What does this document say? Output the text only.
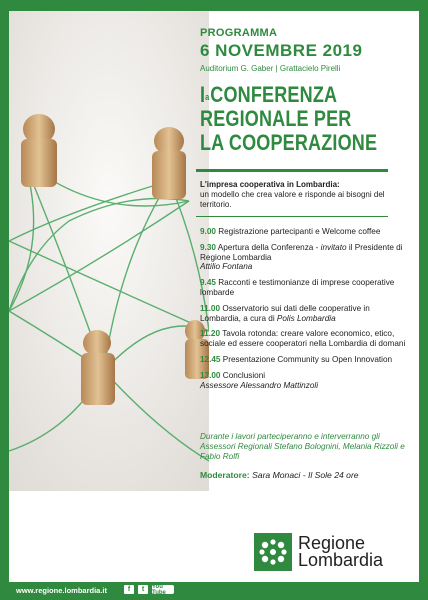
PROGRAMMA
6 NOVEMBRE 2019
Auditorium G. Gaber | Grattacielo Pirelli
$I^aCONFERENZA$
REGIONALE PER
LA COOPERAZIONE
L'impresa cooperativa in Lombardia:
un modello che crea valore e risponde ai bisogni del territorio.
9.00 Registrazione partecipanti e Welcome coffee
9.30 Apertura della Conferenza - invitato il Presidente di Regione Lombardia
Attilio Fontana
9.45 Racconti e testimonianze di imprese cooperative lombarde
11.00 Osservatorio sui dati delle cooperative in Lombardia, a cura di Polis Lombardia
11.20 Tavola rotonda: creare valore economico, etico, sociale ed essere cooperatori nella Lombardia di domani
12.45 Presentazione Community su Open Innovation
13.00 Conclusioni
Assessore Alessandro Mattinzoli
Durante i lavori parteciperanno e interverranno gli Assessori Regionali Stefano Bolognini, Melania Rizzoli e Fabio Rolfi
Moderatore: Sara Monaci - Il Sole 24 ore
Regione
Lombardia
www.regione.lombardia.it	f	t	You Tube
